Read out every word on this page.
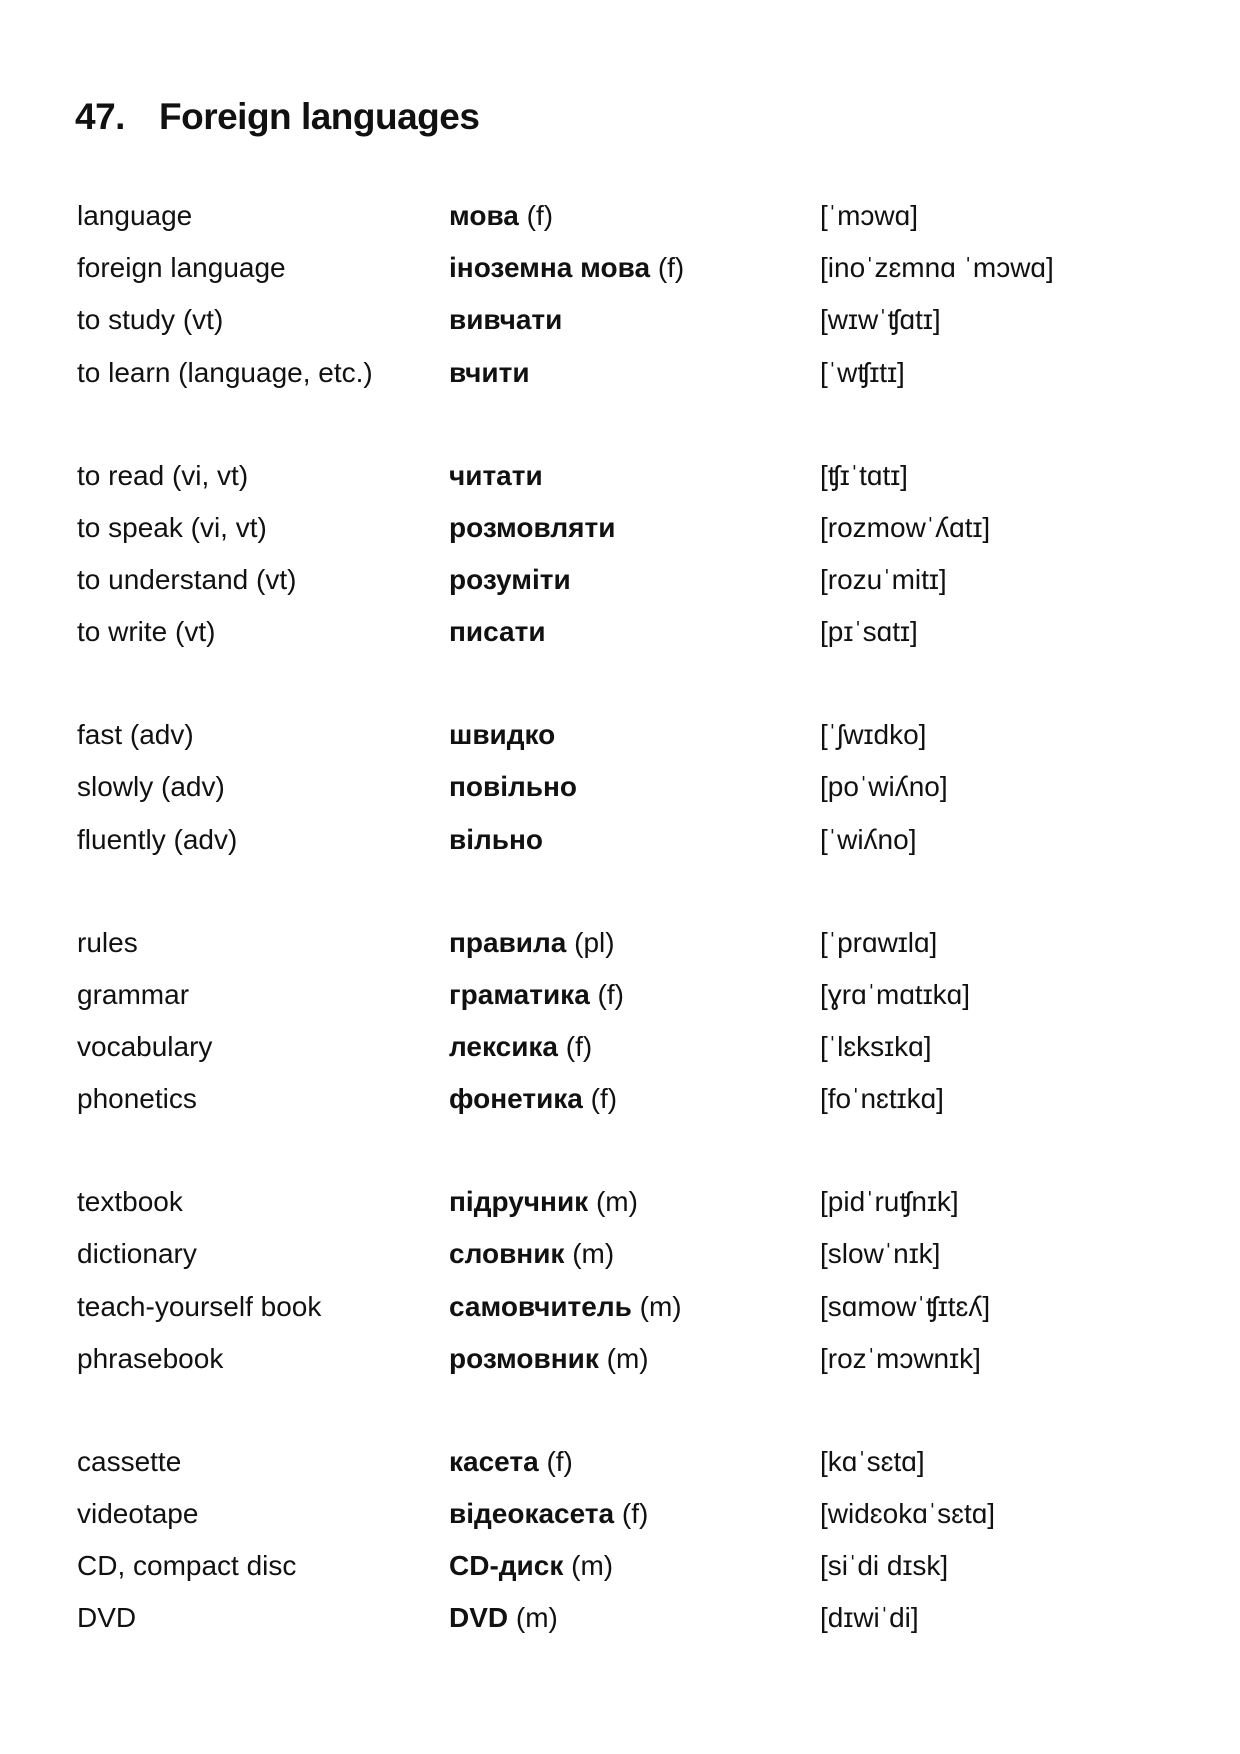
47. Foreign languages
language	мова (f)	[ˈmɔwɑ]
foreign language	іноземна мова (f)	[inoˈzɛmnɑ ˈmɔwɑ]
to study (vt)	вивчати	[wɪwˈʧɑtɪ]
to learn (language, etc.)	вчити	[ˈwʧɪtɪ]
to read (vi, vt)	читати	[ʧɪˈtɑtɪ]
to speak (vi, vt)	розмовляти	[rozmowˈʎɑtɪ]
to understand (vt)	розуміти	[rozuˈmitɪ]
to write (vt)	писати	[pɪˈsɑtɪ]
fast (adv)	швидко	[ˈʃwɪdko]
slowly (adv)	повільно	[poˈwiʎno]
fluently (adv)	вільно	[ˈwiʎno]
rules	правила (pl)	[ˈprɑwɪlɑ]
grammar	граматика (f)	[ɣrɑˈmɑtɪkɑ]
vocabulary	лексика (f)	[ˈlɛksɪkɑ]
phonetics	фонетика (f)	[foˈnɛtɪkɑ]
textbook	підручник (m)	[pidˈruʧnɪk]
dictionary	словник (m)	[slowˈnɪk]
teach-yourself book	самовчитель (m)	[sɑmowˈʧɪtɛʎ]
phrasebook	розмовник (m)	[rozˈmɔwnɪk]
cassette	касета (f)	[kɑˈsɛtɑ]
videotape	відеокасета (f)	[widɛokɑˈsɛtɑ]
CD, compact disc	CD-диск (m)	[siˈdi dɪsk]
DVD	DVD (m)	[dɪwiˈdi]
